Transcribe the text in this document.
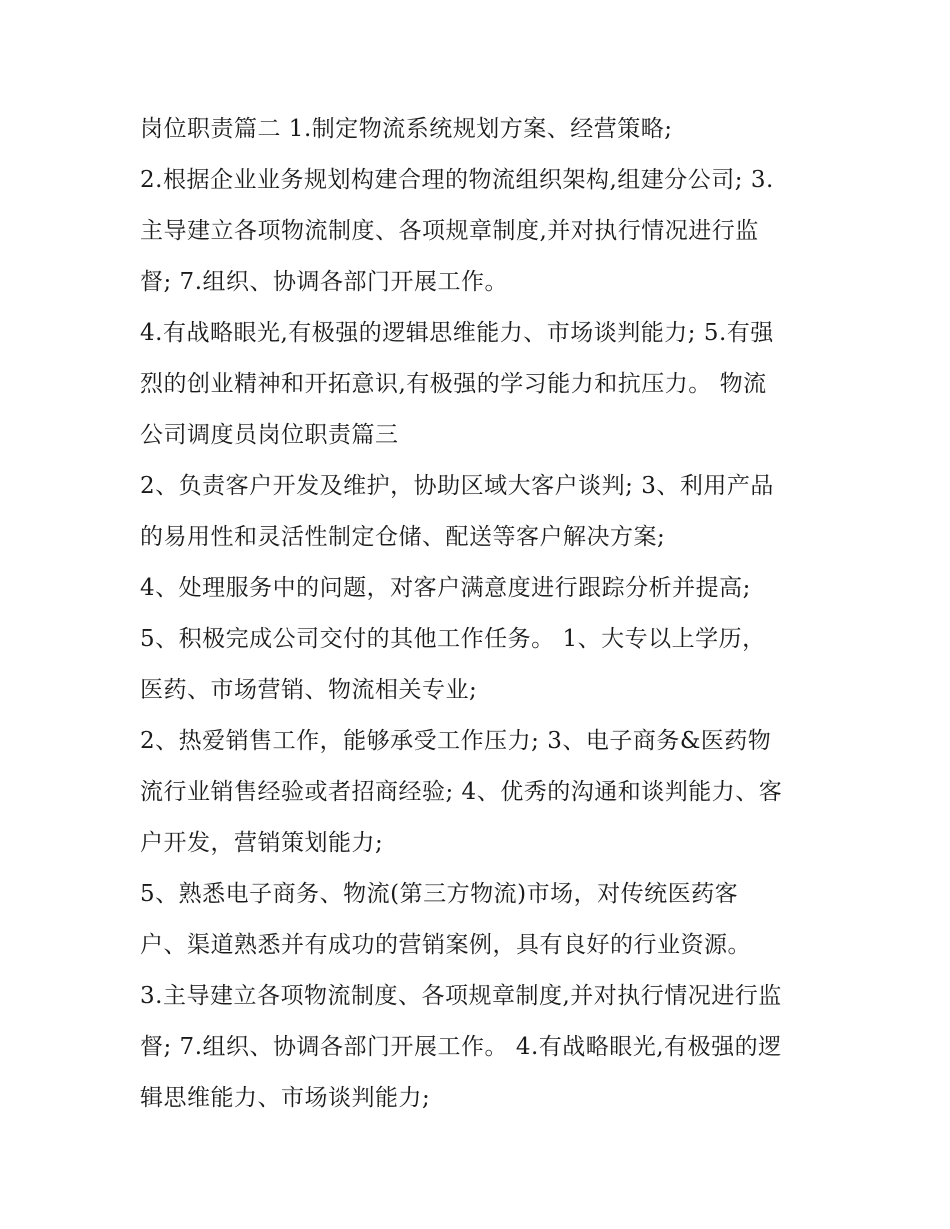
岗位职责篇二 1.制定物流系统规划方案、经营策略;
2.根据企业业务规划构建合理的物流组织架构,组建分公司; 3.
主导建立各项物流制度、各项规章制度,并对执行情况进行监
督; 7.组织、协调各部门开展工作。
4.有战略眼光,有极强的逻辑思维能力、市场谈判能力; 5.有强
烈的创业精神和开拓意识,有极强的学习能力和抗压力。 物流
公司调度员岗位职责篇三
2、负责客户开发及维护，协助区域大客户谈判; 3、利用产品
的易用性和灵活性制定仓储、配送等客户解决方案;
4、处理服务中的问题，对客户满意度进行跟踪分析并提高;
5、积极完成公司交付的其他工作任务。 1、大专以上学历，
医药、市场营销、物流相关专业;
2、热爱销售工作，能够承受工作压力; 3、电子商务&医药物
流行业销售经验或者招商经验; 4、优秀的沟通和谈判能力、客
户开发，营销策划能力;
5、熟悉电子商务、物流(第三方物流)市场，对传统医药客
户、渠道熟悉并有成功的营销案例，具有良好的行业资源。
3.主导建立各项物流制度、各项规章制度,并对执行情况进行监
督; 7.组织、协调各部门开展工作。 4.有战略眼光,有极强的逻
辑思维能力、市场谈判能力;
